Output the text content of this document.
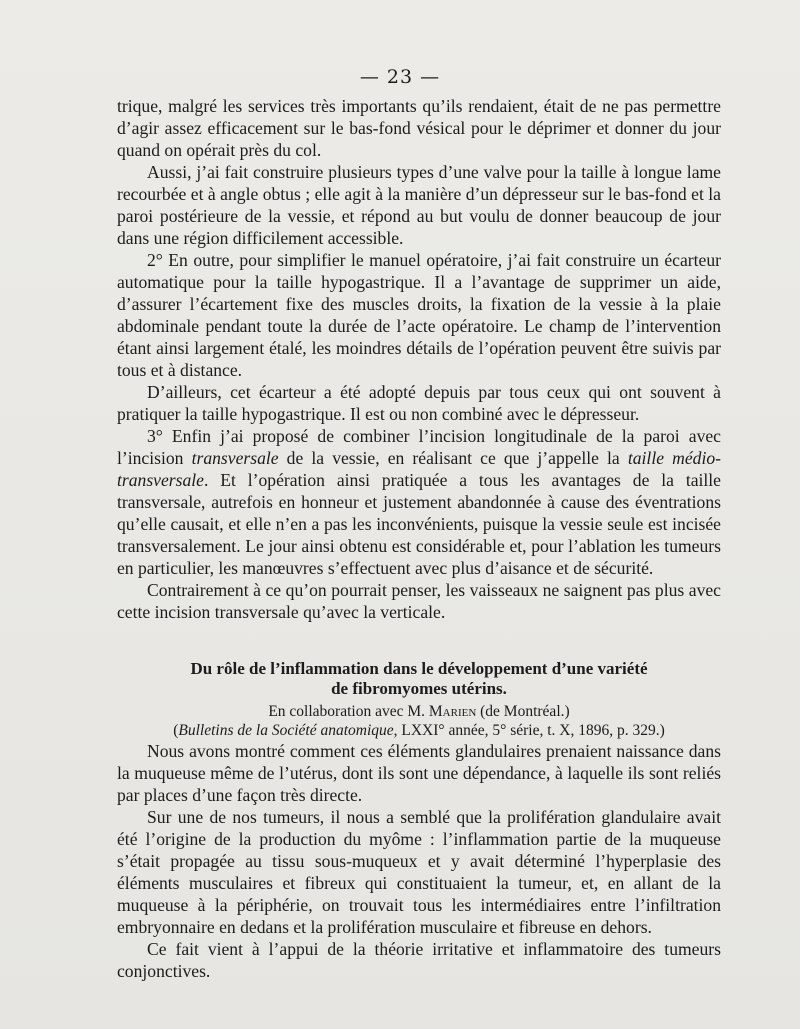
— 23 —

trique, malgré les services très importants qu’ils rendaient, était de ne pas permettre d’agir assez efficacement sur le bas-fond vésical pour le déprimer et donner du jour quand on opérait près du col.

Aussi, j’ai fait construire plusieurs types d’une valve pour la taille à longue lame recourbée et à angle obtus ; elle agit à la manière d’un dépresseur sur le bas-fond et la paroi postérieure de la vessie, et répond au but voulu de donner beaucoup de jour dans une région difficilement accessible.

2° En outre, pour simplifier le manuel opératoire, j’ai fait construire un écarteur automatique pour la taille hypogastrique. Il a l’avantage de supprimer un aide, d’assurer l’écartement fixe des muscles droits, la fixation de la vessie à la plaie abdominale pendant toute la durée de l’acte opératoire. Le champ de l’intervention étant ainsi largement étalé, les moindres détails de l’opération peuvent être suivis par tous et à distance.

D’ailleurs, cet écarteur a été adopté depuis par tous ceux qui ont souvent à pratiquer la taille hypogastrique. Il est ou non combiné avec le dépresseur.

3° Enfin j’ai proposé de combiner l’incision longitudinale de la paroi avec l’incision transversale de la vessie, en réalisant ce que j’appelle la taille médio-transversale. Et l’opération ainsi pratiquée a tous les avantages de la taille transversale, autrefois en honneur et justement abandonnée à cause des éventrations qu’elle causait, et elle n’en a pas les inconvénients, puisque la vessie seule est incisée transversalement. Le jour ainsi obtenu est considérable et, pour l’ablation les tumeurs en particulier, les manœuvres s’effectuent avec plus d’aisance et de sécurité.

Contrairement à ce qu’on pourrait penser, les vaisseaux ne saignent pas plus avec cette incision transversale qu’avec la verticale.

Du rôle de l’inflammation dans le développement d’une variété
de fibromyomes utérins.
En collaboration avec M. Marien (de Montréal.)
(Bulletins de la Société anatomique, LXXI° année, 5° série, t. X, 1896, p. 329.)

Nous avons montré comment ces éléments glandulaires prenaient naissance dans la muqueuse même de l’utérus, dont ils sont une dépendance, à laquelle ils sont reliés par places d’une façon très directe.

Sur une de nos tumeurs, il nous a semblé que la prolifération glandulaire avait été l’origine de la production du myôme : l’inflammation partie de la muqueuse s’était propagée au tissu sous-muqueux et y avait déterminé l’hyperplasie des éléments musculaires et fibreux qui constituaient la tumeur, et, en allant de la muqueuse à la périphérie, on trouvait tous les intermédiaires entre l’infiltration embryonnaire en dedans et la prolifération musculaire et fibreuse en dehors.

Ce fait vient à l’appui de la théorie irritative et inflammatoire des tumeurs conjonctives.
